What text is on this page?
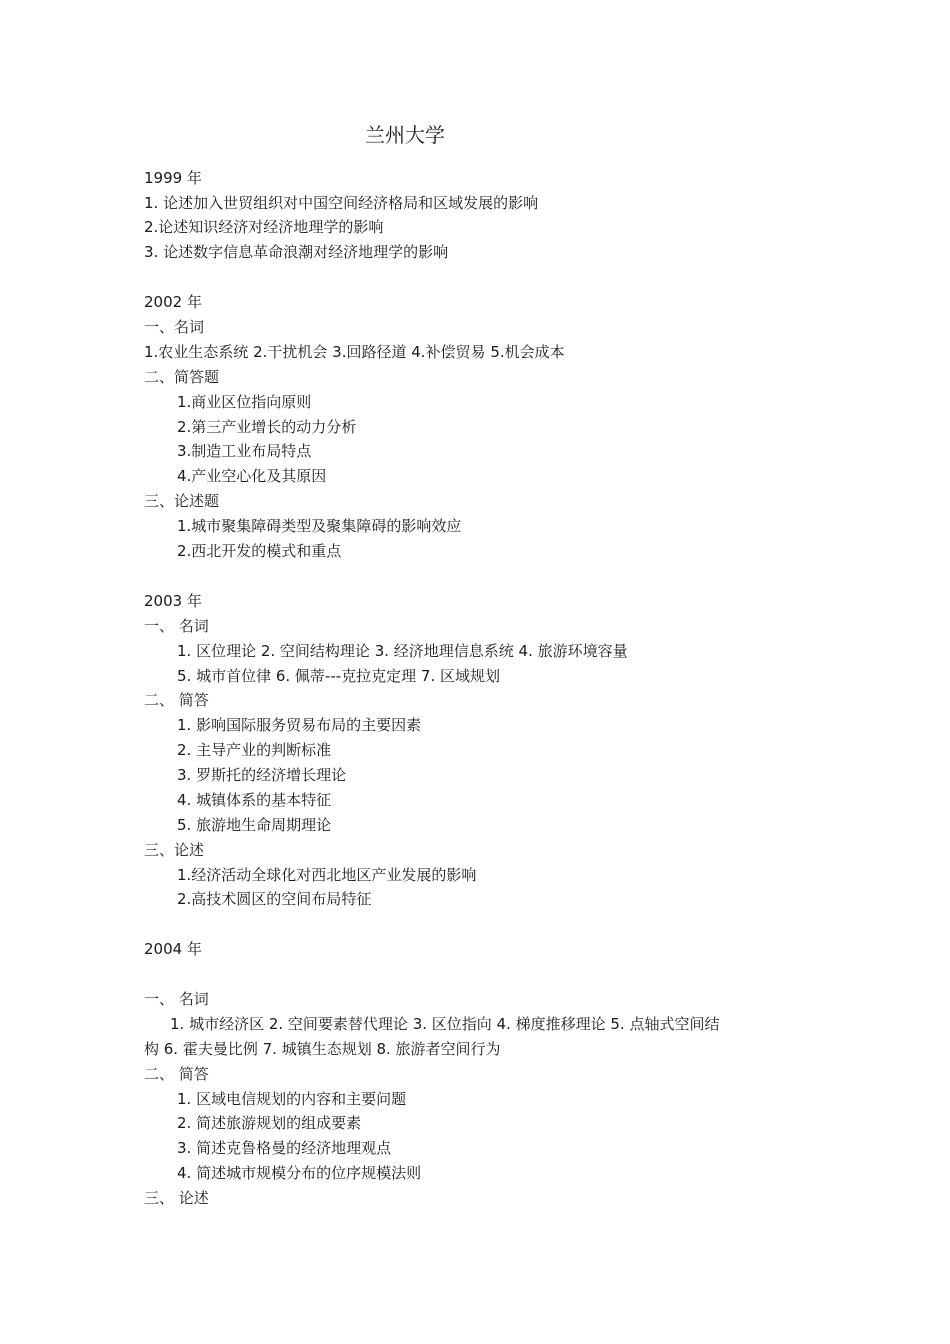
兰州大学
1999 年
1. 论述加入世贸组织对中国空间经济格局和区域发展的影响
2.论述知识经济对经济地理学的影响
3. 论述数字信息革命浪潮对经济地理学的影响
2002 年
一、名词
1.农业生态系统 2.干扰机会 3.回路径道 4.补偿贸易 5.机会成本
二、简答题
1.商业区位指向原则
2.第三产业增长的动力分析
3.制造工业布局特点
4.产业空心化及其原因
三、论述题
1.城市聚集障碍类型及聚集障碍的影响效应
2.西北开发的模式和重点
2003 年
一、 名词
1. 区位理论 2. 空间结构理论 3. 经济地理信息系统 4. 旅游环境容量
5. 城市首位律 6. 佩蒂---克拉克定理 7. 区域规划
二、 简答
1. 影响国际服务贸易布局的主要因素
2. 主导产业的判断标准
3. 罗斯托的经济增长理论
4. 城镇体系的基本特征
5. 旅游地生命周期理论
三、论述
1.经济活动全球化对西北地区产业发展的影响
2.高技术圆区的空间布局特征
2004 年
一、 名词
1. 城市经济区 2. 空间要素替代理论 3. 区位指向 4. 梯度推移理论 5. 点轴式空间结
构 6. 霍夫曼比例 7. 城镇生态规划 8. 旅游者空间行为
二、 简答
1. 区域电信规划的内容和主要问题
2. 简述旅游规划的组成要素
3. 简述克鲁格曼的经济地理观点
4. 简述城市规模分布的位序规模法则
三、 论述
